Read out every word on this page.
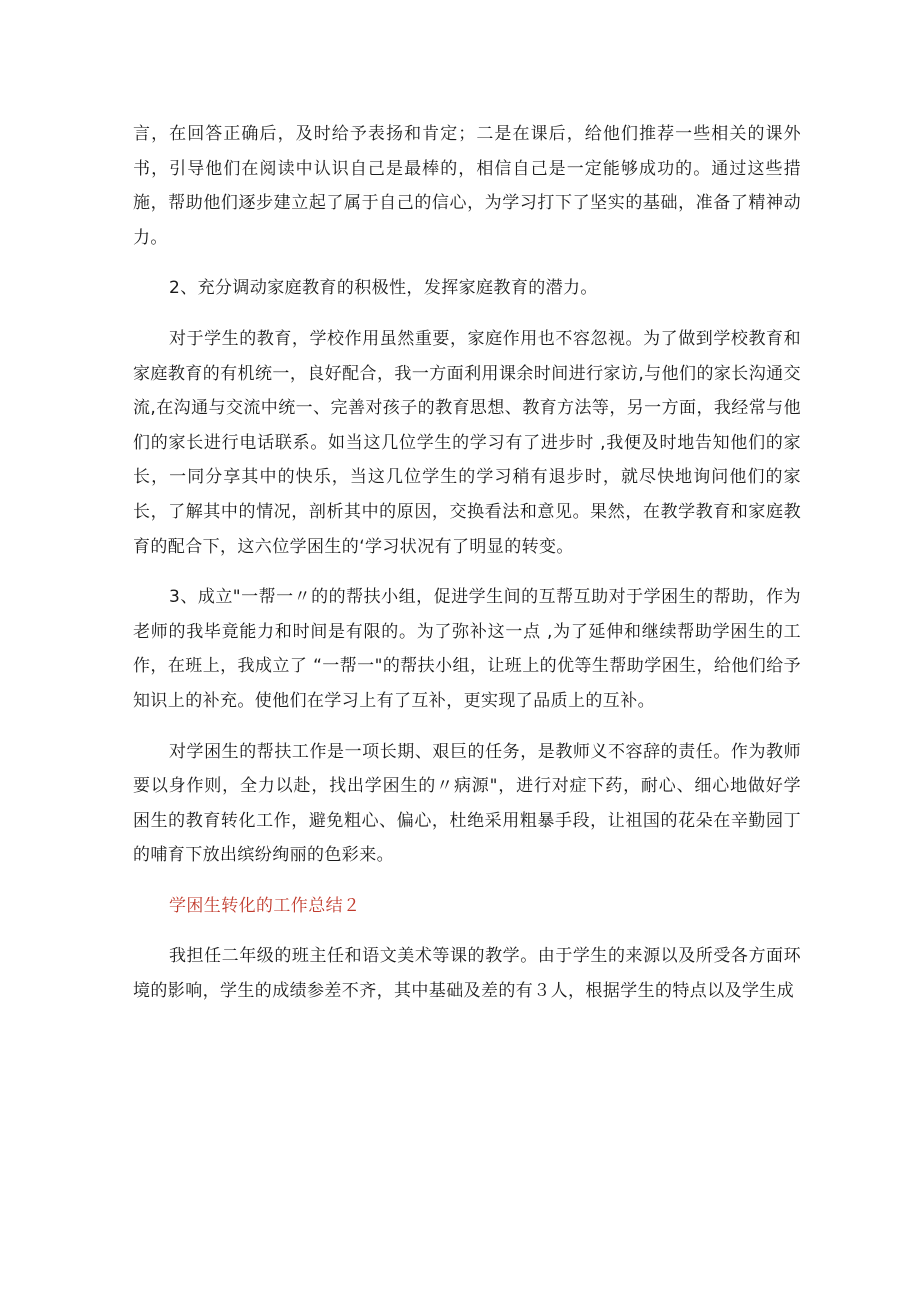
言，在回答正确后，及时给予表扬和肯定；二是在课后，给他们推荐一些相关的课外书，引导他们在阅读中认识自己是最棒的，相信自己是一定能够成功的。通过这些措施，帮助他们逐步建立起了属于自己的信心，为学习打下了坚实的基础，准备了精神动力。

2、充分调动家庭教育的积极性，发挥家庭教育的潜力。

对于学生的教育，学校作用虽然重要，家庭作用也不容忽视。为了做到学校教育和家庭教育的有机统一，良好配合，我一方面利用课余时间进行家访,与他们的家长沟通交流,在沟通与交流中统一、完善对孩子的教育思想、教育方法等，另一方面，我经常与他们的家长进行电话联系。如当这几位学生的学习有了进步时 ,我便及时地告知他们的家长，一同分享其中的快乐，当这几位学生的学习稍有退步时，就尽快地询问他们的家长，了解其中的情况，剖析其中的原因，交换看法和意见。果然，在教学教育和家庭教育的配合下，这六位学困生的‘学习状况有了明显的转变。

3、成立"一帮一〃的的帮扶小组，促进学生间的互帮互助对于学困生的帮助，作为老师的我毕竟能力和时间是有限的。为了弥补这一点 ,为了延伸和继续帮助学困生的工作，在班上，我成立了 “一帮一"的帮扶小组，让班上的优等生帮助学困生，给他们给予知识上的补充。使他们在学习上有了互补，更实现了品质上的互补。

对学困生的帮扶工作是一项长期、艰巨的任务，是教师义不容辞的责任。作为教师要以身作则，全力以赴，找出学困生的〃病源"，进行对症下药，耐心、细心地做好学困生的教育转化工作，避免粗心、偏心，杜绝采用粗暴手段，让祖国的花朵在辛勤园丁的哺育下放出缤纷绚丽的色彩来。

学困生转化的工作总结２

我担任二年级的班主任和语文美术等课的教学。由于学生的来源以及所受各方面环境的影响，学生的成绩参差不齐，其中基础及差的有３人，根据学生的特点以及学生成
